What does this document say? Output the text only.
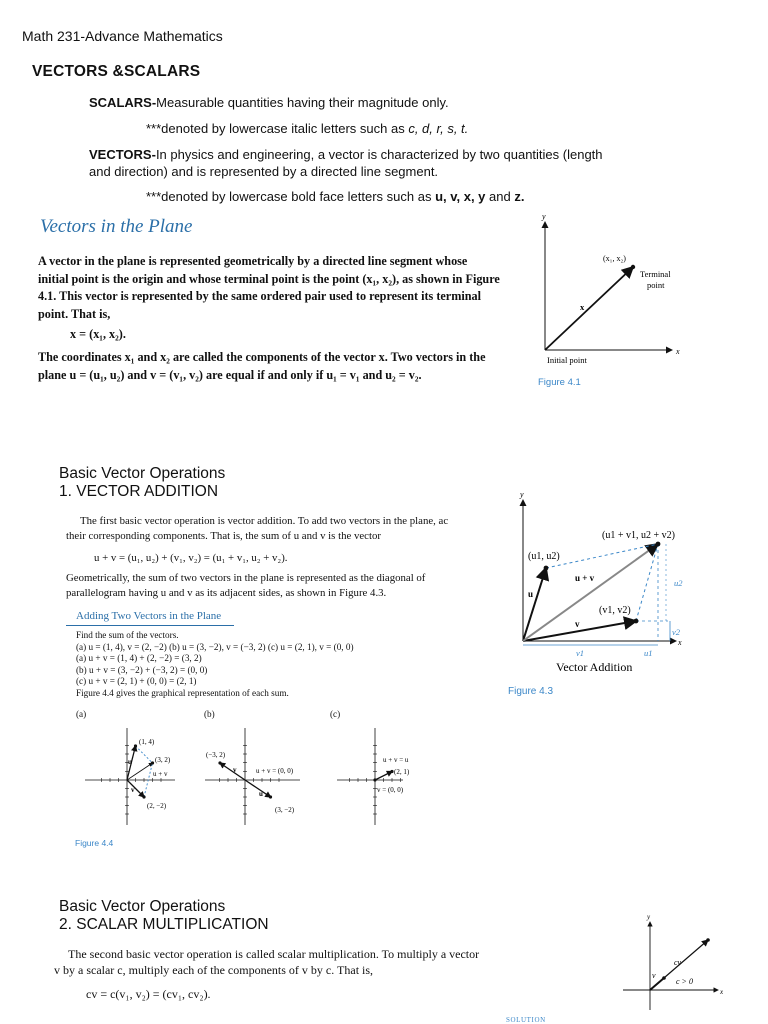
Math 231-Advance Mathematics
VECTORS &SCALARS
SCALARS-Measurable quantities having their magnitude only.
***denoted by lowercase italic letters such as c, d, r, s, t.
VECTORS-In physics and engineering, a vector is characterized by two quantities (length
and direction) and is represented by a directed line segment.
***denoted by lowercase bold face letters such as u, v, x, y and z.
Vectors in the Plane
A vector in the plane is represented geometrically by a directed line segment whose
initial point is the origin and whose terminal point is the point (x₁, x₂), as shown in Figure
4.1. This vector is represented by the same ordered pair used to represent its terminal
point. That is,
x = (x₁, x₂).
The coordinates x₁ and x₂ are called the components of the vector x. Two vectors in the
plane u = (u₁, u₂) and v = (v₁, v₂) are equal if and only if u₁ = v₁ and u₂ = v₂.
y
x
(x₁, x₂)
Terminal
point
x
Initial point
Figure 4.1
Basic Vector Operations
1. VECTOR ADDITION
The first basic vector operation is vector addition. To add two vectors in the plane, ac
their corresponding components. That is, the sum of u and v is the vector
u + v = (u₁, u₂) + (v₁, v₂) = (u₁ + v₁, u₂ + v₂).
Geometrically, the sum of two vectors in the plane is represented as the diagonal of
parallelogram having u and v as its adjacent sides, as shown in Figure 4.3.
Adding Two Vectors in the Plane
Find the sum of the vectors.
(a) u = (1, 4), v = (2, −2) (b) u = (3, −2), v = (−3, 2) (c) u = (2, 1), v = (0, 0)
(a) u + v = (1, 4) + (2, −2) = (3, 2)
(b) u + v = (3, −2) + (−3, 2) = (0, 0)
(c) u + v = (2, 1) + (0, 0) = (2, 1)
Figure 4.4 gives the graphical representation of each sum.
(a)	(b)	(c)
(1, 4)
(3, 2)
(2, −2)
u
v
u + v
(−3, 2)
(3, −2)
v
u
u + v = (0, 0)
u + v = u
(2, 1)
v = (0, 0)
Figure 4.4
y
x
(u1 + v1, u2 + v2)
(u1, u2)
(v1, v2)
u
v
u + v	u2
v2
v1	u1
Vector Addition
Figure 4.3
Basic Vector Operations
2. SCALAR MULTIPLICATION
The second basic vector operation is called scalar multiplication. To multiply a vector
v by a scalar c, multiply each of the components of v by c. That is,
cv = c(v₁, v₂) = (cv₁, cv₂).
SOLUTION
y
x
cv
v
c > 0
